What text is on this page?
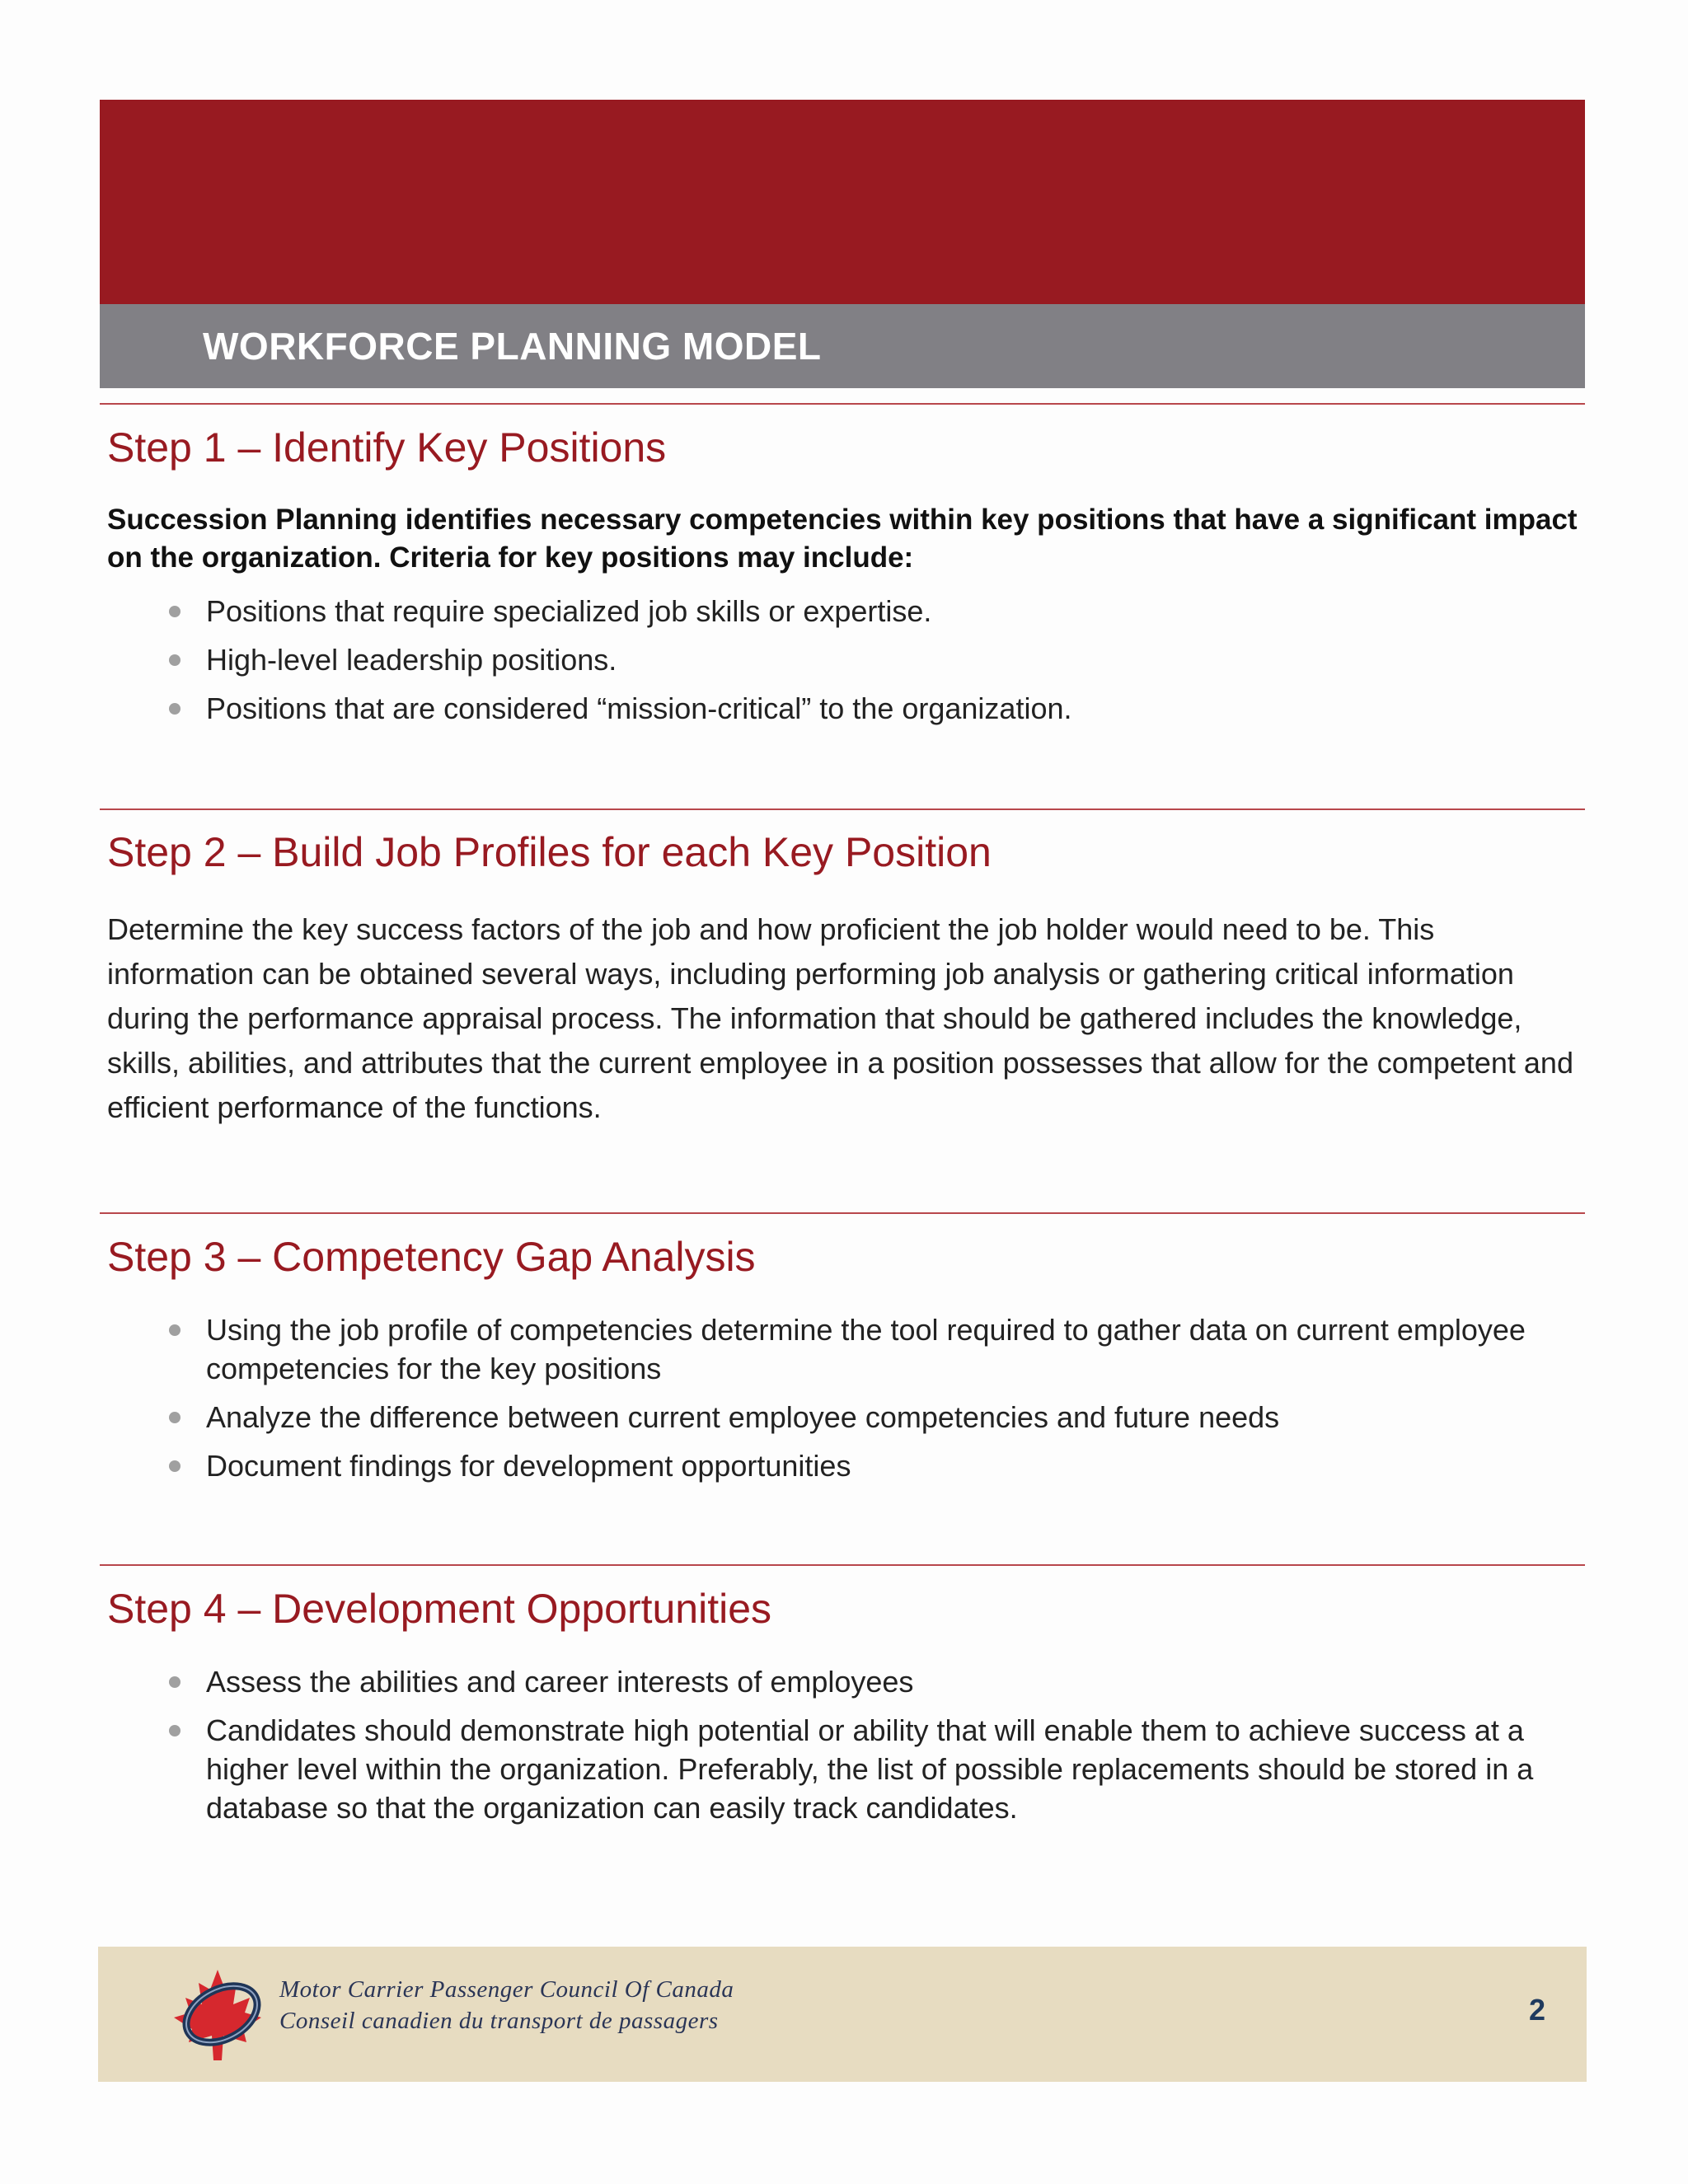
WORKFORCE PLANNING MODEL
Step 1 – Identify Key Positions
Succession Planning identifies necessary competencies within key positions that have a significant impact on the organization. Criteria for key positions may include:
Positions that require specialized job skills or expertise.
High-level leadership positions.
Positions that are considered “mission-critical” to the organization.
Step 2 – Build Job Profiles for each Key Position
Determine the key success factors of the job and how proficient the job holder would need to be. This information can be obtained several ways, including performing job analysis or gathering critical information during the performance appraisal process. The information that should be gathered includes the knowledge, skills, abilities, and attributes that the current employee in a position possesses that allow for the competent and efficient performance of the functions.
Step 3 – Competency Gap Analysis
Using the job profile of competencies determine the tool required to gather data on current employee competencies for the key positions
Analyze the difference between current employee competencies and future needs
Document findings for development opportunities
Step 4 – Development Opportunities
Assess the abilities and career interests of employees
Candidates should demonstrate high potential or ability that will enable them to achieve success at a higher level within the organization. Preferably, the list of possible replacements should be stored in a database so that the organization can easily track candidates.
Motor Carrier Passenger Council Of Canada
Conseil canadien du transport de passagers	2
